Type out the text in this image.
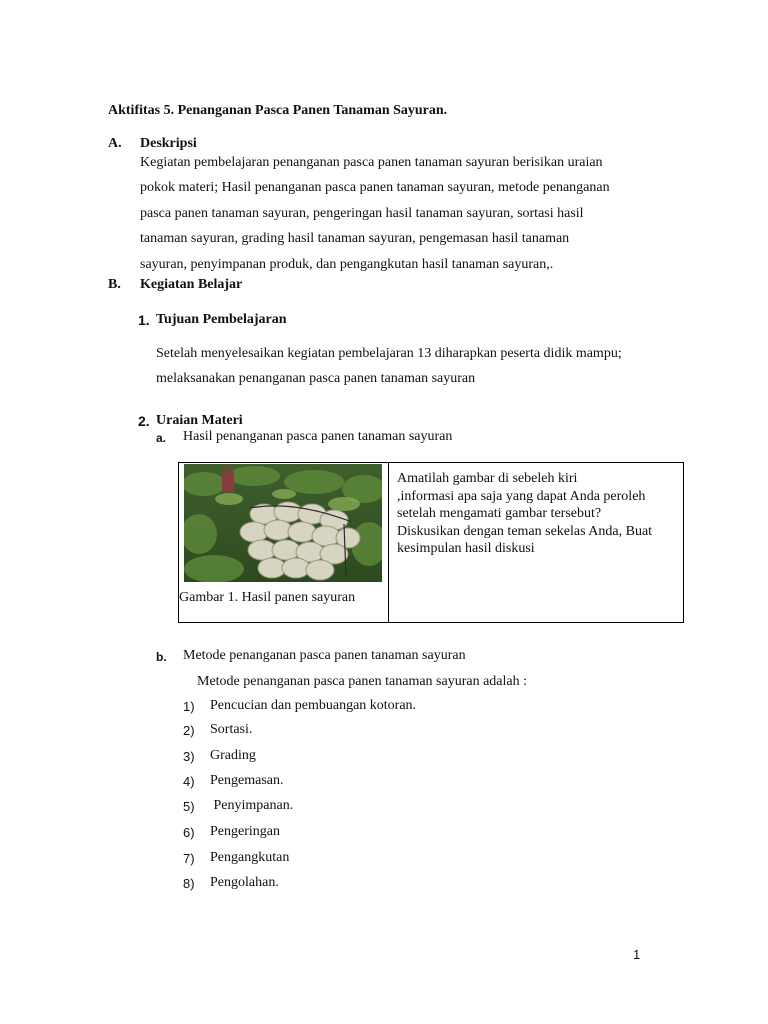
Aktifitas 5. Penanganan Pasca Panen Tanaman Sayuran.
A. Deskripsi
Kegiatan pembelajaran penanganan pasca panen tanaman sayuran berisikan uraian
pokok materi; Hasil penanganan pasca panen tanaman sayuran, metode penanganan
pasca panen tanaman sayuran, pengeringan hasil tanaman sayuran, sortasi hasil
tanaman sayuran, grading hasil tanaman sayuran, pengemasan hasil tanaman
sayuran, penyimpanan produk, dan pengangkutan hasil tanaman sayuran,.
B. Kegiatan Belajar
1. Tujuan Pembelajaran
Setelah menyelesaikan kegiatan pembelajaran 13 diharapkan peserta didik mampu;
melaksanakan penanganan pasca panen tanaman sayuran
2. Uraian Materi
a. Hasil penanganan pasca panen tanaman sayuran
Gambar 1. Hasil panen sayuran
Amatilah gambar di sebeleh kiri
,informasi apa saja yang dapat Anda peroleh
setelah mengamati gambar tersebut?
Diskusikan dengan teman sekelas Anda, Buat
kesimpulan hasil diskusi
b. Metode penanganan pasca panen tanaman sayuran
Metode penanganan pasca panen tanaman sayuran adalah :
1) Pencucian dan pembuangan kotoran.
2) Sortasi.
3) Grading
4) Pengemasan.
5) Penyimpanan.
6) Pengeringan
7) Pengangkutan
8) Pengolahan.
1
